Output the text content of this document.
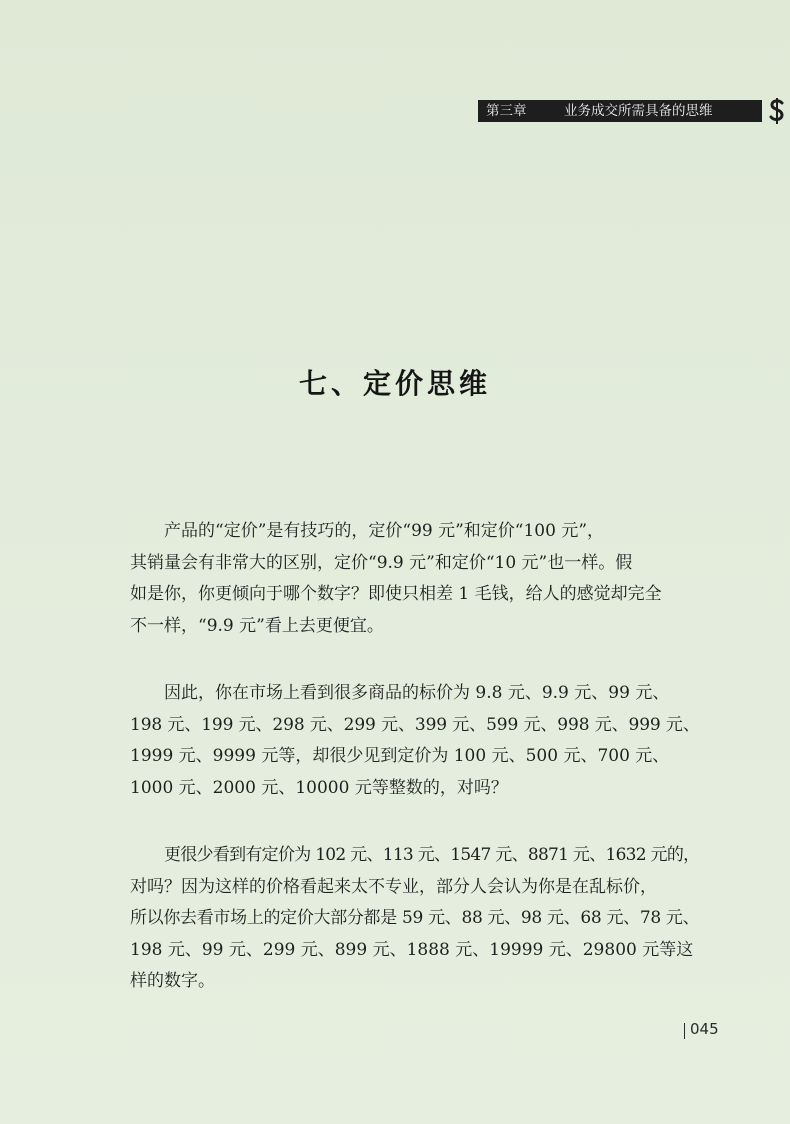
第三章	业务成交所需具备的思维
七、定价思维
产品的“定价”是有技巧的，定价“99 元”和定价“100 元”，
其销量会有非常大的区别，定价“9.9 元”和定价“10 元”也一样。假
如是你，你更倾向于哪个数字？即使只相差 1 毛钱，给人的感觉却完全
不一样，“9.9 元”看上去更便宜。
因此，你在市场上看到很多商品的标价为 9.8 元、9.9 元、99 元、
198 元、199 元、298 元、299 元、399 元、599 元、998 元、999 元、
1999 元、9999 元等，却很少见到定价为 100 元、500 元、700 元、
1000 元、2000 元、10000 元等整数的，对吗？
更很少看到有定价为 102 元、113 元、1547 元、8871 元、1632 元的，
对吗？因为这样的价格看起来太不专业，部分人会认为你是在乱标价，
所以你去看市场上的定价大部分都是 59 元、88 元、98 元、68 元、78 元、
198 元、99 元、299 元、899 元、1888 元、19999 元、29800 元等这
样的数字。
045
